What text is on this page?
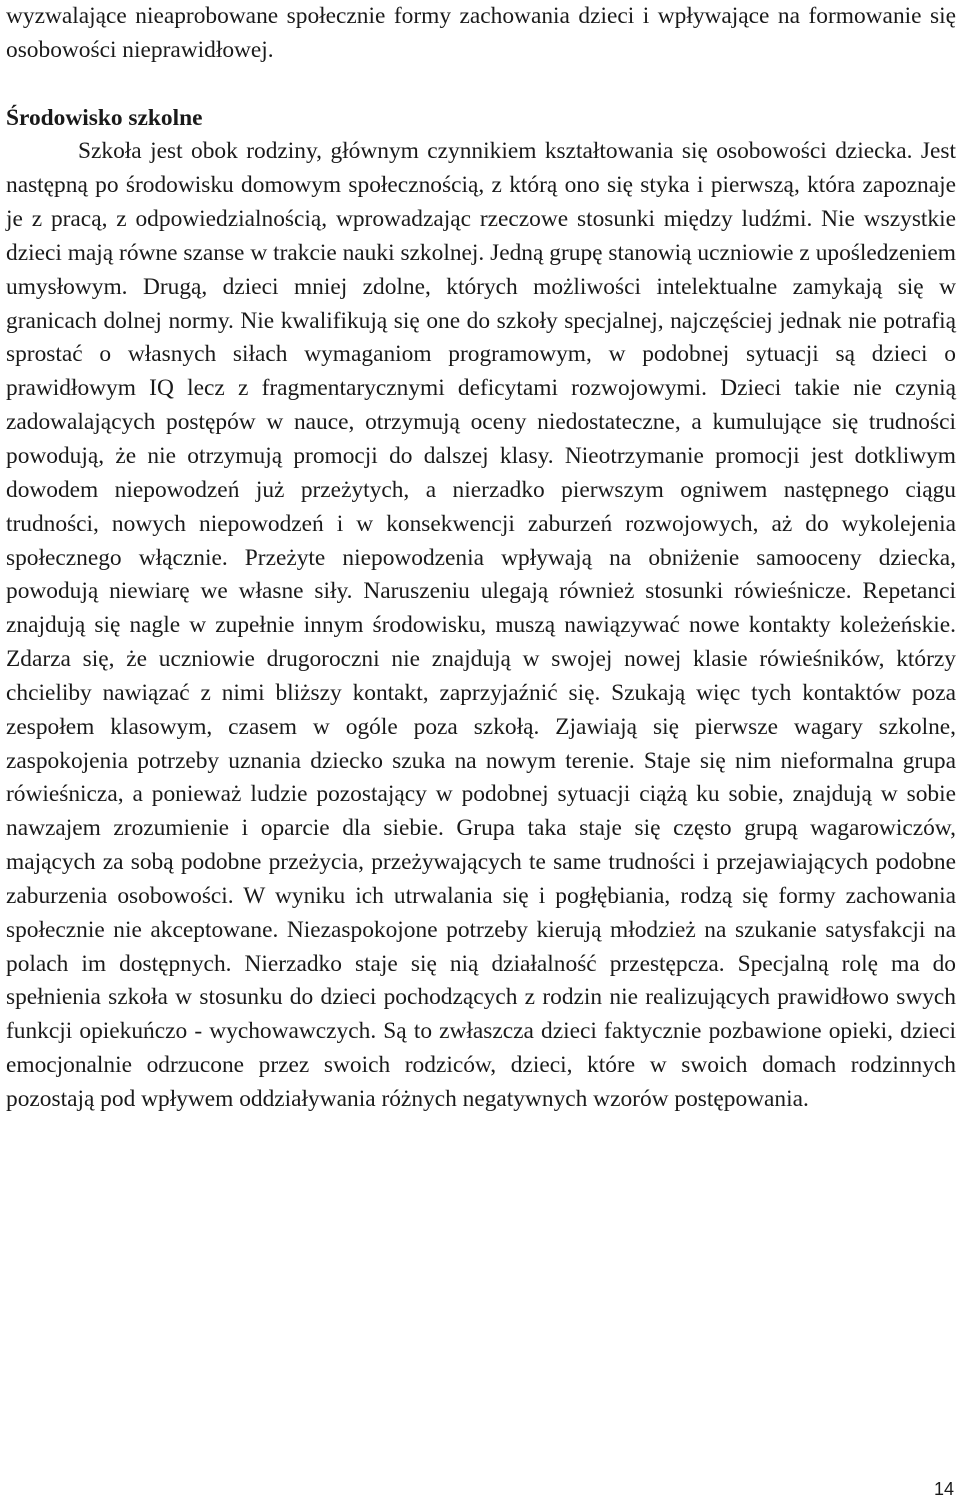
wyzwalające nieaprobowane społecznie formy zachowania dzieci i wpływające na formowanie się osobowości nieprawidłowej.

Środowisko szkolne

Szkoła jest obok rodziny, głównym czynnikiem kształtowania się osobowości dziecka. Jest następną po środowisku domowym społecznością, z którą ono się styka i pierwszą, która zapoznaje je z pracą, z odpowiedzialnością, wprowadzając rzeczowe stosunki między ludźmi. Nie wszystkie dzieci mają równe szanse w trakcie nauki szkolnej. Jedną grupę stanowią uczniowie z upośledzeniem umysłowym. Drugą, dzieci mniej zdolne, których możliwości intelektualne zamykają się w granicach dolnej normy. Nie kwalifikują się one do szkoły specjalnej, najczęściej jednak nie potrafią sprostać o własnych siłach wymaganiom programowym, w podobnej sytuacji są dzieci o prawidłowym IQ lecz z fragmentarycznymi deficytami rozwojowymi. Dzieci takie nie czynią zadowalających postępów w nauce, otrzymują oceny niedostateczne, a kumulujące się trudności powodują, że nie otrzymują promocji do dalszej klasy. Nieotrzymanie promocji jest dotkliwym dowodem niepowodzeń już przeżytych, a nierzadko pierwszym ogniwem następnego ciągu trudności, nowych niepowodzeń i w konsekwencji zaburzeń rozwojowych, aż do wykolejenia społecznego włącznie. Przeżyte niepowodzenia wpływają na obniżenie samooceny dziecka, powodują niewiarę we własne siły. Naruszeniu ulegają również stosunki rówieśnicze. Repetanci znajdują się nagle w zupełnie innym środowisku, muszą nawiązywać nowe kontakty koleżeńskie. Zdarza się, że uczniowie drugoroczni nie znajdują w swojej nowej klasie rówieśników, którzy chcieliby nawiązać z nimi bliższy kontakt, zaprzyjaźnić się. Szukają więc tych kontaktów poza zespołem klasowym, czasem w ogóle poza szkołą. Zjawiają się pierwsze wagary szkolne, zaspokojenia potrzeby uznania dziecko szuka na nowym terenie. Staje się nim nieformalna grupa rówieśnicza, a ponieważ ludzie pozostający w podobnej sytuacji ciążą ku sobie, znajdują w sobie nawzajem zrozumienie i oparcie dla siebie. Grupa taka staje się często grupą wagarowiczów, mających za sobą podobne przeżycia, przeżywających te same trudności i przejawiających podobne zaburzenia osobowości. W wyniku ich utrwalania się i pogłębiania, rodzą się formy zachowania społecznie nie akceptowane. Niezaspokojone potrzeby kierują młodzież na szukanie satysfakcji na polach im dostępnych. Nierzadko staje się nią działalność przestępcza. Specjalną rolę ma do spełnienia szkoła w stosunku do dzieci pochodzących z rodzin nie realizujących prawidłowo swych funkcji opiekuńczo - wychowawczych. Są to zwłaszcza dzieci faktycznie pozbawione opieki, dzieci emocjonalnie odrzucone przez swoich rodziców, dzieci, które w swoich domach rodzinnych pozostają pod wpływem oddziaływania różnych negatywnych wzorów postępowania.

14
